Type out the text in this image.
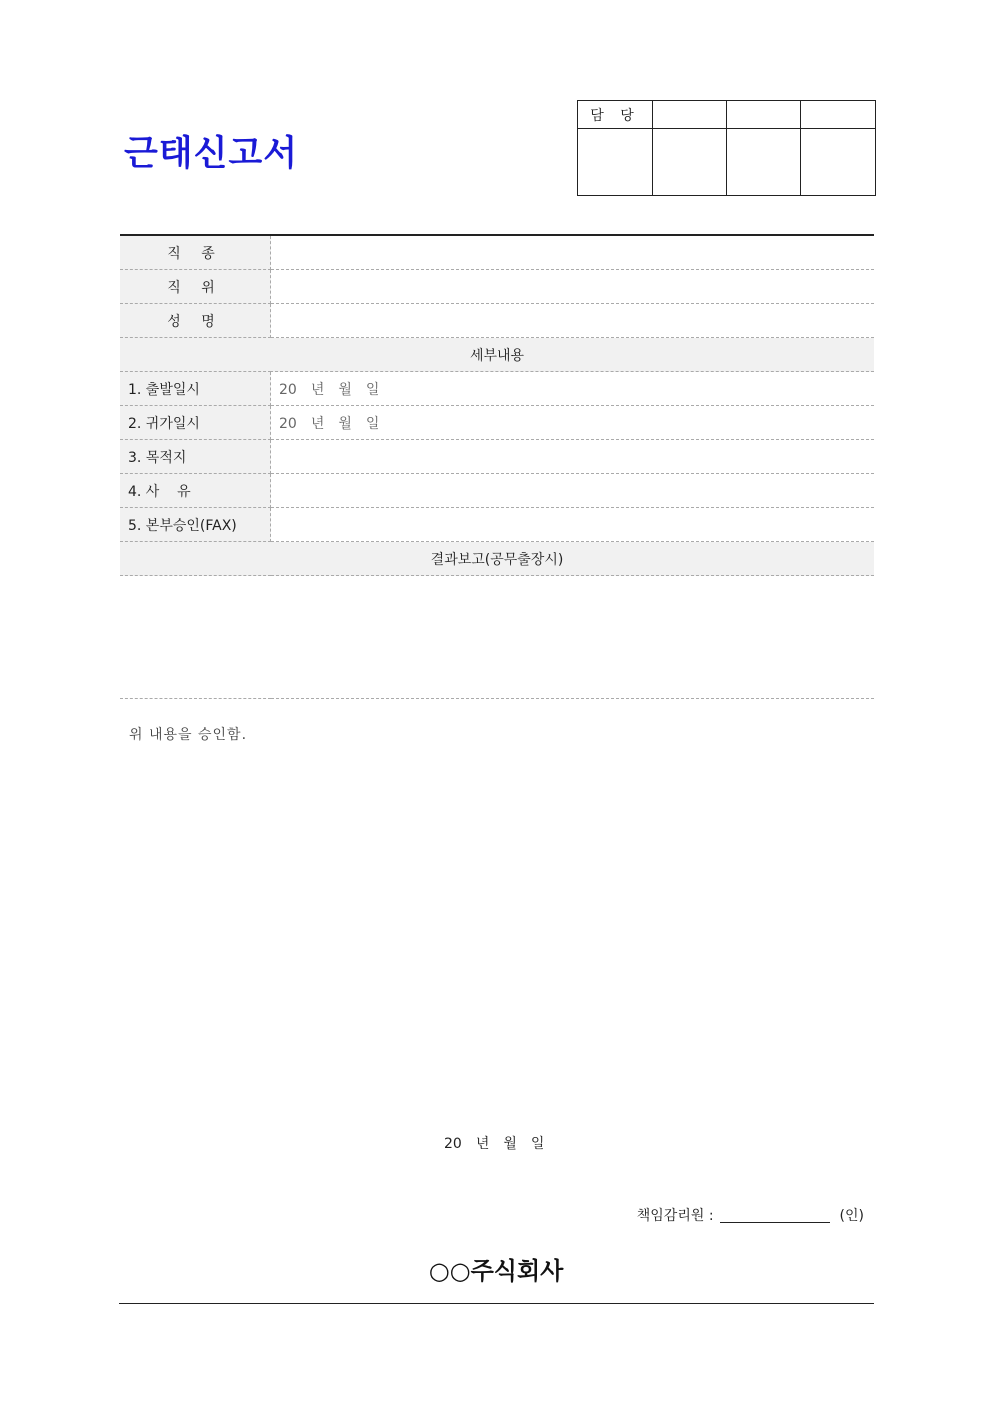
근태신고서
담 당			

직 종	
직 위	
성 명	
세부내용	
1. 출발일시	20 년 월 일
2. 귀가일시	20 년 월 일
3. 목적지	
4. 사    유	
5. 본부승인(FAX)	
결과보고(공무출장시)	

위 내용을 승인함.
20 년 월 일
책임감리원 :	(인)
○○주식회사
